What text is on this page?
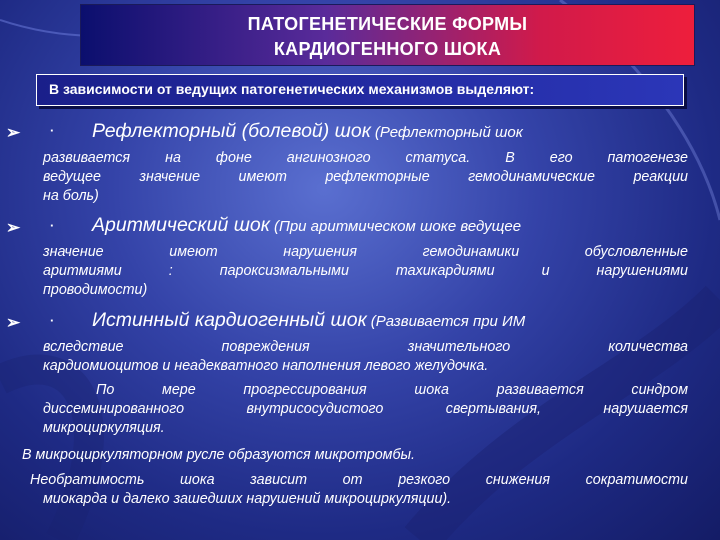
ПАТОГЕНЕТИЧЕСКИЕ ФОРМЫ
КАРДИОГЕННОГО ШОКА
В зависимости от ведущих патогенетических механизмов выделяют:
➢ · Рефлекторный (болевой) шок (Рефлекторный шок
развивается на фоне ангинозного статуса. В его патогенезе
ведущее значение имеют рефлекторные гемодинамические реакции
на боль)
➢ · Аритмический шок (При аритмическом шоке ведущее
значение имеют нарушения гемодинамики обусловленные
аритмиями : пароксизмальными тахикардиями и нарушениями
проводимости)
➢ · Истинный кардиогенный шок (Развивается при ИМ
вследствие повреждения значительного количества
кардиомиоцитов и неадекватного наполнения левого желудочка.
По мере прогрессирования шока развивается синдром
диссеминированного внутрисосудистого свертывания, нарушается
микроциркуляция.
В микроциркуляторном русле образуются микротромбы.
Необратимость шока зависит от резкого снижения сократимости
миокарда и далеко зашедших нарушений микроциркуляции).
